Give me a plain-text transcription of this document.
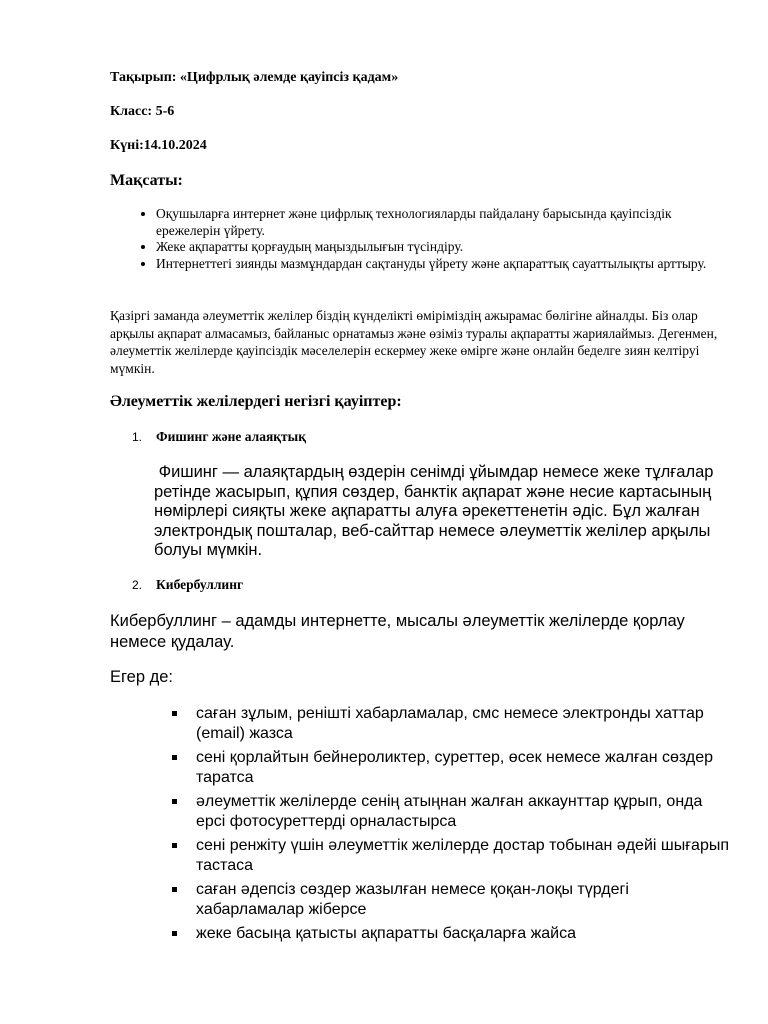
Тақырып: «Цифрлық әлемде қауіпсіз қадам»

Класс: 5-6

Күні:14.10.2024

Мақсаты:

• Оқушыларға интернет және цифрлық технологияларды пайдалану барысында қауіпсіздік ережелерін үйрету.
• Жеке ақпаратты қорғаудың маңыздылығын түсіндіру.
• Интернеттегі зиянды мазмұндардан сақтануды үйрету және ақпараттық сауаттылықты арттыру.

Қазіргі заманда әлеуметтік желілер біздің күнделікті өміріміздің ажырамас бөлігіне айналды. Біз олар арқылы ақпарат алмасамыз, байланыс орнатамыз және өзіміз туралы ақпаратты жариялаймыз. Дегенмен, әлеуметтік желілерде қауіпсіздік мәселелерін ескермеу жеке өмірге және онлайн беделге зиян келтіруі мүмкін.

Әлеуметтік желілердегі негізгі қауіптер:

1. Фишинг және алаяқтық

Фишинг — алаяқтардың өздерін сенімді ұйымдар немесе жеке тұлғалар ретінде жасырып, құпия сөздер, банктік ақпарат және несие картасының нөмірлері сияқты жеке ақпаратты алуға әрекеттенетін әдіс. Бұл жалған электрондық пошталар, веб-сайттар немесе әлеуметтік желілер арқылы болуы мүмкін.

2. Кибербуллинг

Кибербуллинг – адамды интернетте, мысалы әлеуметтік желілерде қорлау немесе қудалау.

Егер де:

саған зұлым, ренішті хабарламалар, смс немесе электронды хаттар (email) жазса
сені қорлайтын бейнероликтер, суреттер, өсек немесе жалған сөздер таратса
әлеуметтік желілерде сенің атыңнан жалған аккаунттар құрып, онда ерсі фотосуреттерді орналастырса
сені ренжіту үшін әлеуметтік желілерде достар тобынан әдейі шығарып тастаса
саған әдепсіз сөздер жазылған немесе қоқан-лоқы түрдегі хабарламалар жіберсе
жеке басыңа қатысты ақпаратты басқаларға жайса
